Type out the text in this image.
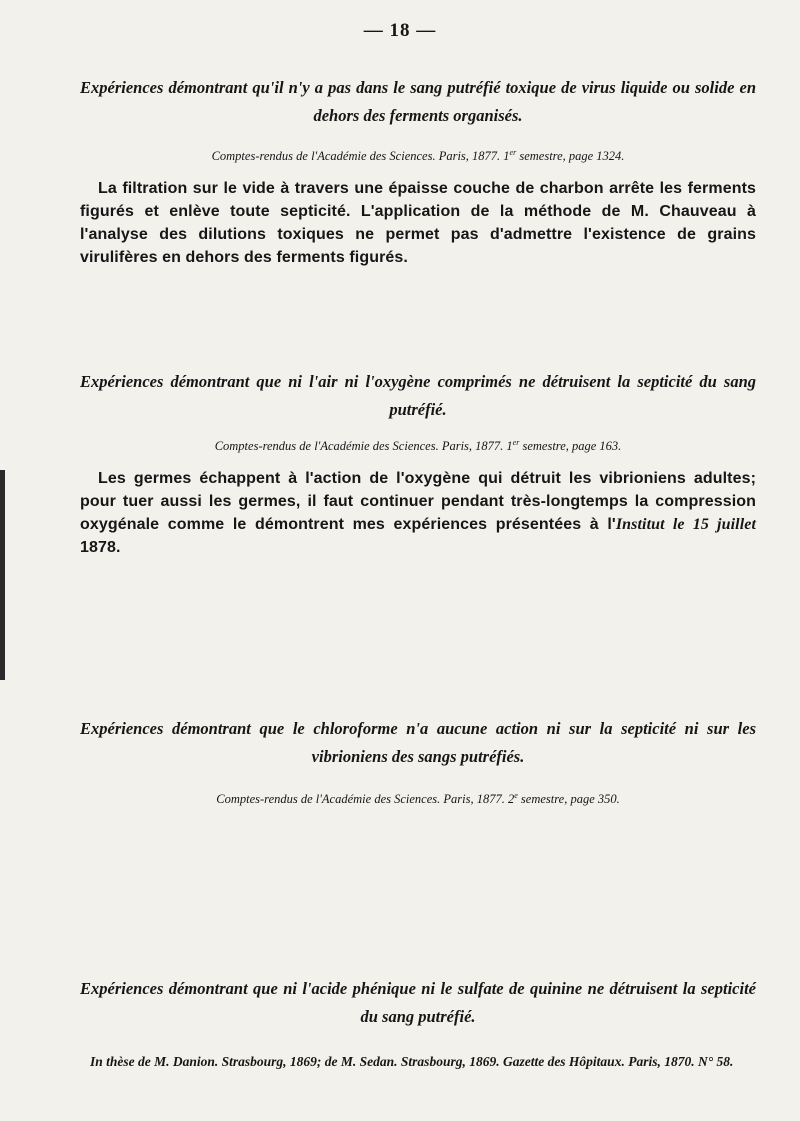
— 18 —

Expériences démontrant qu'il n'y a pas dans le sang putréfié toxique de virus liquide ou solide en dehors des ferments organisés.

Comptes-rendus de l'Académie des Sciences. Paris, 1877. 1er semestre, page 1324.

La filtration sur le vide à travers une épaisse couche de charbon arrête les ferments figurés et enlève toute septicité. L'application de la méthode de M. Chauveau à l'analyse des dilutions toxiques ne permet pas d'admettre l'existence de grains virulifères en dehors des ferments figurés.

Expériences démontrant que ni l'air ni l'oxygène comprimés ne détruisent la septicité du sang putréfié.

Comptes-rendus de l'Académie des Sciences. Paris, 1877. 1er semestre, page 163.

Les germes échappent à l'action de l'oxygène qui détruit les vibrioniens adultes; pour tuer aussi les germes, il faut continuer pendant très-longtemps la compression oxygénale comme le démontrent mes expériences présentées à l'Institut le 15 juillet 1878.

Expériences démontrant que le chloroforme n'a aucune action ni sur la septicité ni sur les vibrioniens des sangs putréfiés.

Comptes-rendus de l'Académie des Sciences. Paris, 1877. 2e semestre, page 350.

Expériences démontrant que ni l'acide phénique ni le sulfate de quinine ne détruisent la septicité du sang putréfié.

In thèse de M. Danion. Strasbourg, 1869; de M. Sedan. Strasbourg, 1869. Gazette des Hôpitaux. Paris, 1870. N° 58.
